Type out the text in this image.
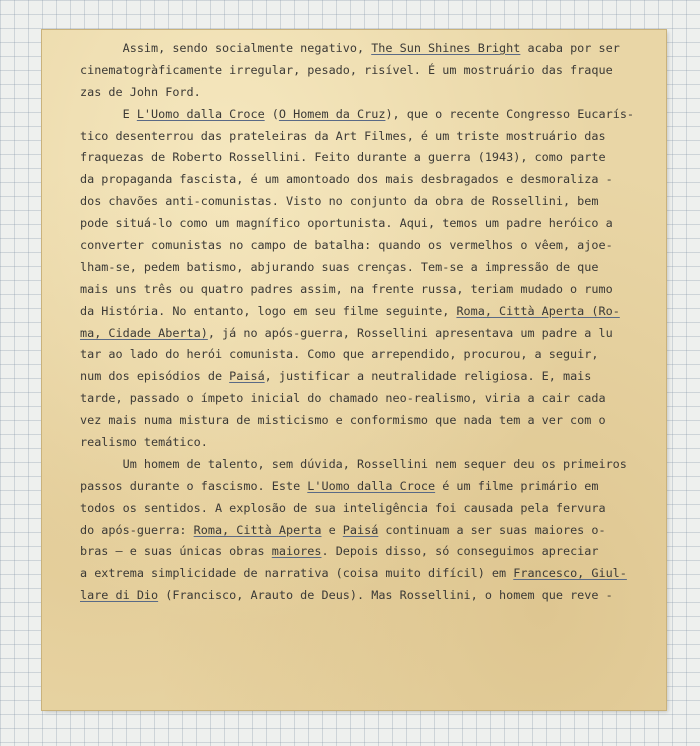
Assim, sendo socialmente negativo, The Sun Shines Bright acaba por ser
cinematogràficamente irregular, pesado, risível. É um mostruário das fraque
zas de John Ford.
E L'Uomo dalla Croce (O Homem da Cruz), que o recente Congresso Eucarís-
tico desenterrou das prateleiras da Art Filmes, é um triste mostruário das
fraquezas de Roberto Rossellini. Feito durante a guerra (1943), como parte
da propaganda fascista, é um amontoado dos mais desbragados e desmoraliza -
dos chavões anti-comunistas. Visto no conjunto da obra de Rossellini, bem
pode situá-lo como um magnífico oportunista. Aqui, temos um padre heróico a
converter comunistas no campo de batalha: quando os vermelhos o vêem, ajoe-
lham-se, pedem batismo, abjurando suas crenças. Tem-se a impressão de que
mais uns três ou quatro padres assim, na frente russa, teriam mudado o rumo
da História. No entanto, logo em seu filme seguinte, Roma, Città Aperta (Ro-
ma, Cidade Aberta), já no após-guerra, Rossellini apresentava um padre a lu
tar ao lado do herói comunista. Como que arrependido, procurou, a seguir,
num dos episódios de Paisá, justificar a neutralidade religiosa. E, mais
tarde, passado o ímpeto inicial do chamado neo-realismo, viria a cair cada
vez mais numa mistura de misticismo e conformismo que nada tem a ver com o
realismo temático.
Um homem de talento, sem dúvida, Rossellini nem sequer deu os primeiros
passos durante o fascismo. Este L'Uomo dalla Croce é um filme primário em
todos os sentidos. A explosão de sua inteligência foi causada pela fervura
do após-guerra: Roma, Città Aperta e Paisá continuam a ser suas maiores o-
bras — e suas únicas obras maiores. Depois disso, só conseguimos apreciar
a extrema simplicidade de narrativa (coisa muito difícil) em Francesco, Giul-
lare di Dio (Francisco, Arauto de Deus). Mas Rossellini, o homem que reve -
